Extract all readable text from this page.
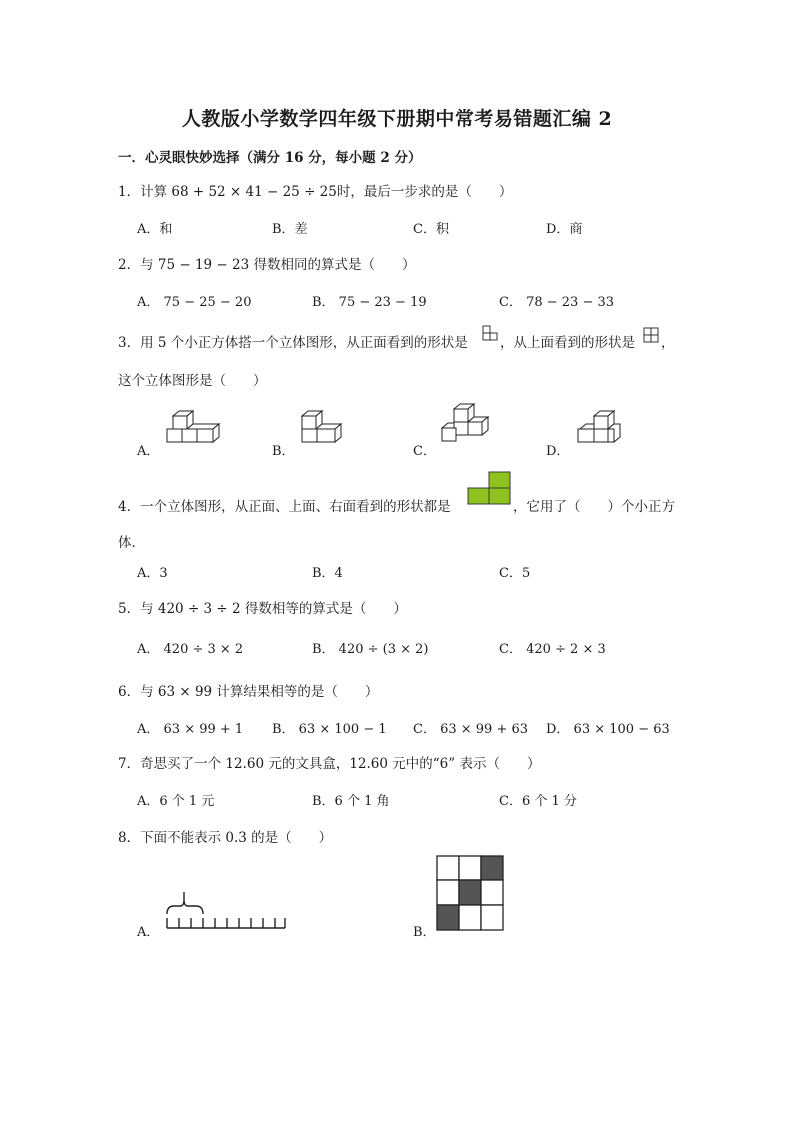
人教版小学数学四年级下册期中常考易错题汇编 2
一．心灵眼快妙选择（满分 16 分，每小题 2 分）
1．计算 68 + 52 × 41 − 25 ÷ 25时，最后一步求的是（　　）
A．和	B．差	C．积	D．商
2．与 75 − 19 − 23 得数相同的算式是（　　）
A． 75 − 25 − 20	B． 75 − 23 − 19	C． 78 − 23 − 33
3．用 5 个小正方体搭一个立体图形，从正面看到的形状是 ，从上面看到的形状是 ，
这个立体图形是（　　）
A．	B．	C．	D．
4．一个立体图形，从正面、上面、右面看到的形状都是	，它用了（　　）个小正方
体．
A．3	B．4	C．5
5．与 420 ÷ 3 ÷ 2 得数相等的算式是（　　）
A． 420 ÷ 3 × 2	B． 420 ÷ (3 × 2)	C． 420 ÷ 2 × 3
6．与 63 × 99 计算结果相等的是（　　）
A． 63 × 99 + 1 B． 63 × 100 − 1 C． 63 × 99 + 63 D． 63 × 100 − 63
7．奇思买了一个 12.60 元的文具盒，12.60 元中的“6” 表示（　　）
A．6 个 1 元	B．6 个 1 角	C．6 个 1 分
8．下面不能表示 0.3 的是（　　）
A．	B．
